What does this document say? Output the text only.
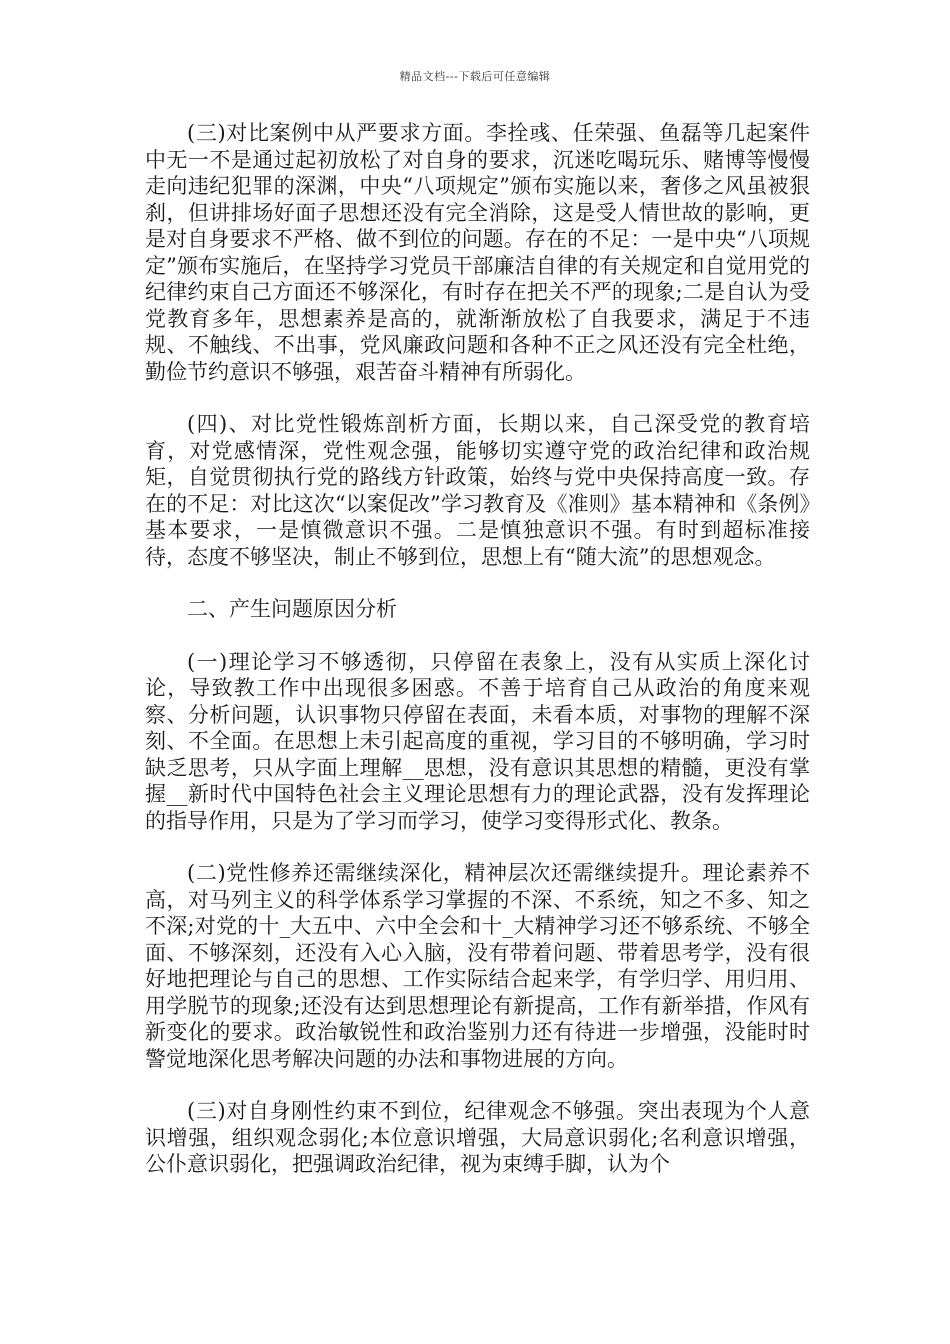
精品文档---下载后可任意编辑

(三)对比案例中从严要求方面。李拴彧、任荣强、鱼磊等几起案件中无一不是通过起初放松了对自身的要求，沉迷吃喝玩乐、赌博等慢慢走向违纪犯罪的深渊，中央“八项规定”颁布实施以来，奢侈之风虽被狠刹，但讲排场好面子思想还没有完全消除，这是受人情世故的影响，更是对自身要求不严格、做不到位的问题。存在的不足：一是中央“八项规定”颁布实施后，在坚持学习党员干部廉洁自律的有关规定和自觉用党的纪律约束自己方面还不够深化，有时存在把关不严的现象;二是自认为受党教育多年，思想素养是高的，就渐渐放松了自我要求，满足于不违规、不触线、不出事，党风廉政问题和各种不正之风还没有完全杜绝，勤俭节约意识不够强，艰苦奋斗精神有所弱化。

(四)、对比党性锻炼剖析方面，长期以来，自己深受党的教育培育，对党感情深，党性观念强，能够切实遵守党的政治纪律和政治规矩，自觉贯彻执行党的路线方针政策，始终与党中央保持高度一致。存在的不足：对比这次“以案促改”学习教育及《准则》基本精神和《条例》基本要求，一是慎微意识不强。二是慎独意识不强。有时到超标准接待，态度不够坚决，制止不够到位，思想上有“随大流”的思想观念。

二、产生问题原因分析

(一)理论学习不够透彻，只停留在表象上，没有从实质上深化讨论，导致教工作中出现很多困惑。不善于培育自己从政治的角度来观察、分析问题，认识事物只停留在表面，未看本质，对事物的理解不深刻、不全面。在思想上未引起高度的重视，学习目的不够明确，学习时缺乏思考，只从字面上理解__思想，没有意识其思想的精髓，更没有掌握__新时代中国特色社会主义理论思想有力的理论武器，没有发挥理论的指导作用，只是为了学习而学习，使学习变得形式化、教条。

(二)党性修养还需继续深化，精神层次还需继续提升。理论素养不高，对马列主义的科学体系学习掌握的不深、不系统，知之不多、知之不深;对党的十_大五中、六中全会和十_大精神学习还不够系统、不够全面、不够深刻，还没有入心入脑，没有带着问题、带着思考学，没有很好地把理论与自己的思想、工作实际结合起来学，有学归学、用归用、用学脱节的现象;还没有达到思想理论有新提高，工作有新举措，作风有新变化的要求。政治敏锐性和政治鉴别力还有待进一步增强，没能时时警觉地深化思考解决问题的办法和事物进展的方向。

(三)对自身刚性约束不到位，纪律观念不够强。突出表现为个人意识增强，组织观念弱化;本位意识增强，大局意识弱化;名利意识增强，公仆意识弱化，把强调政治纪律，视为束缚手脚，认为个
